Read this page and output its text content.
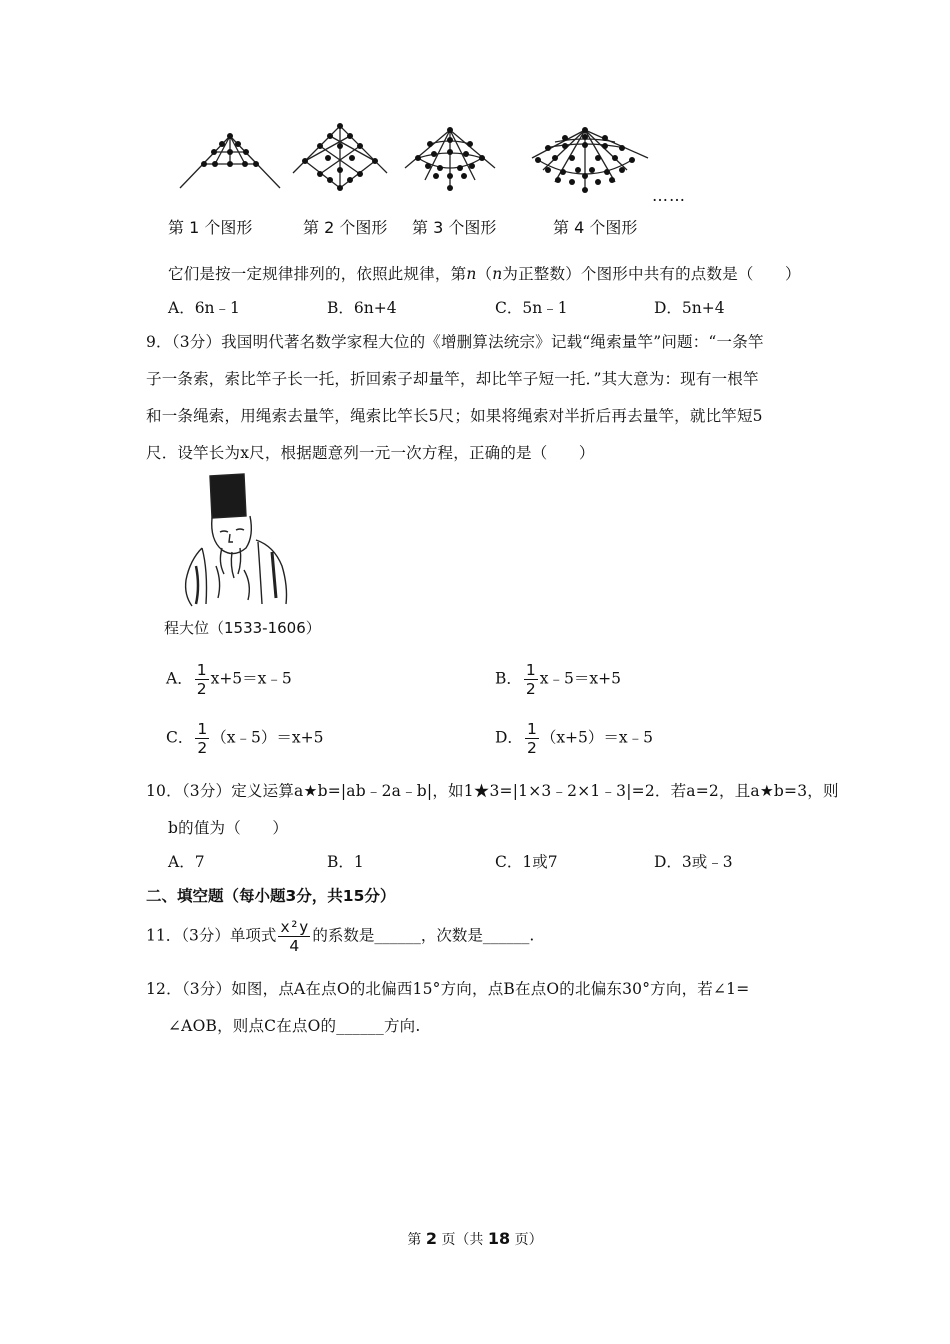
……
第 1 个图形	第 2 个图形 第 3 个图形	第 4 个图形
它们是按一定规律排列的，依照此规律，第n（n为正整数）个图形中共有的点数是（　　）
A．6n﹣1	B．6n+4	C．5n﹣1	D．5n+4
9．（3分）我国明代著名数学家程大位的《增删算法统宗》记载“绳索量竿”问题：“一条竿
子一条索，索比竿子长一托，折回索子却量竿，却比竿子短一托．”其大意为：现有一根竿
和一条绳索，用绳索去量竿，绳索比竿长5尺；如果将绳索对半折后再去量竿，就比竿短5
尺．设竿长为x尺，根据题意列一元一次方程，正确的是（　　）
程大位（1533-1606）
A． $\frac{1}{2}$ x+5＝x﹣5	B． $\frac{1}{2}$ x﹣5＝x+5
C． $\frac{1}{2}$ （x﹣5）＝x+5	D． $\frac{1}{2}$ （x+5）＝x﹣5
10．（3分）定义运算a★b=|ab﹣2a﹣b|，如1★3=|1×3﹣2×1﹣3|=2．若a=2，且a★b=3，则
b的值为（　　）
A．7	B．1	C．1或7	D．3或﹣3
二、填空题（每小题3分，共15分）
11．（3分）单项式 $\frac{\text{x²y}}{4}$ 的系数是______，次数是______.
12．（3分）如图，点A在点O的北偏西15°方向，点B在点O的北偏东30°方向，若∠1=
∠AOB，则点C在点O的______方向.
第 2 页（共 18 页）
